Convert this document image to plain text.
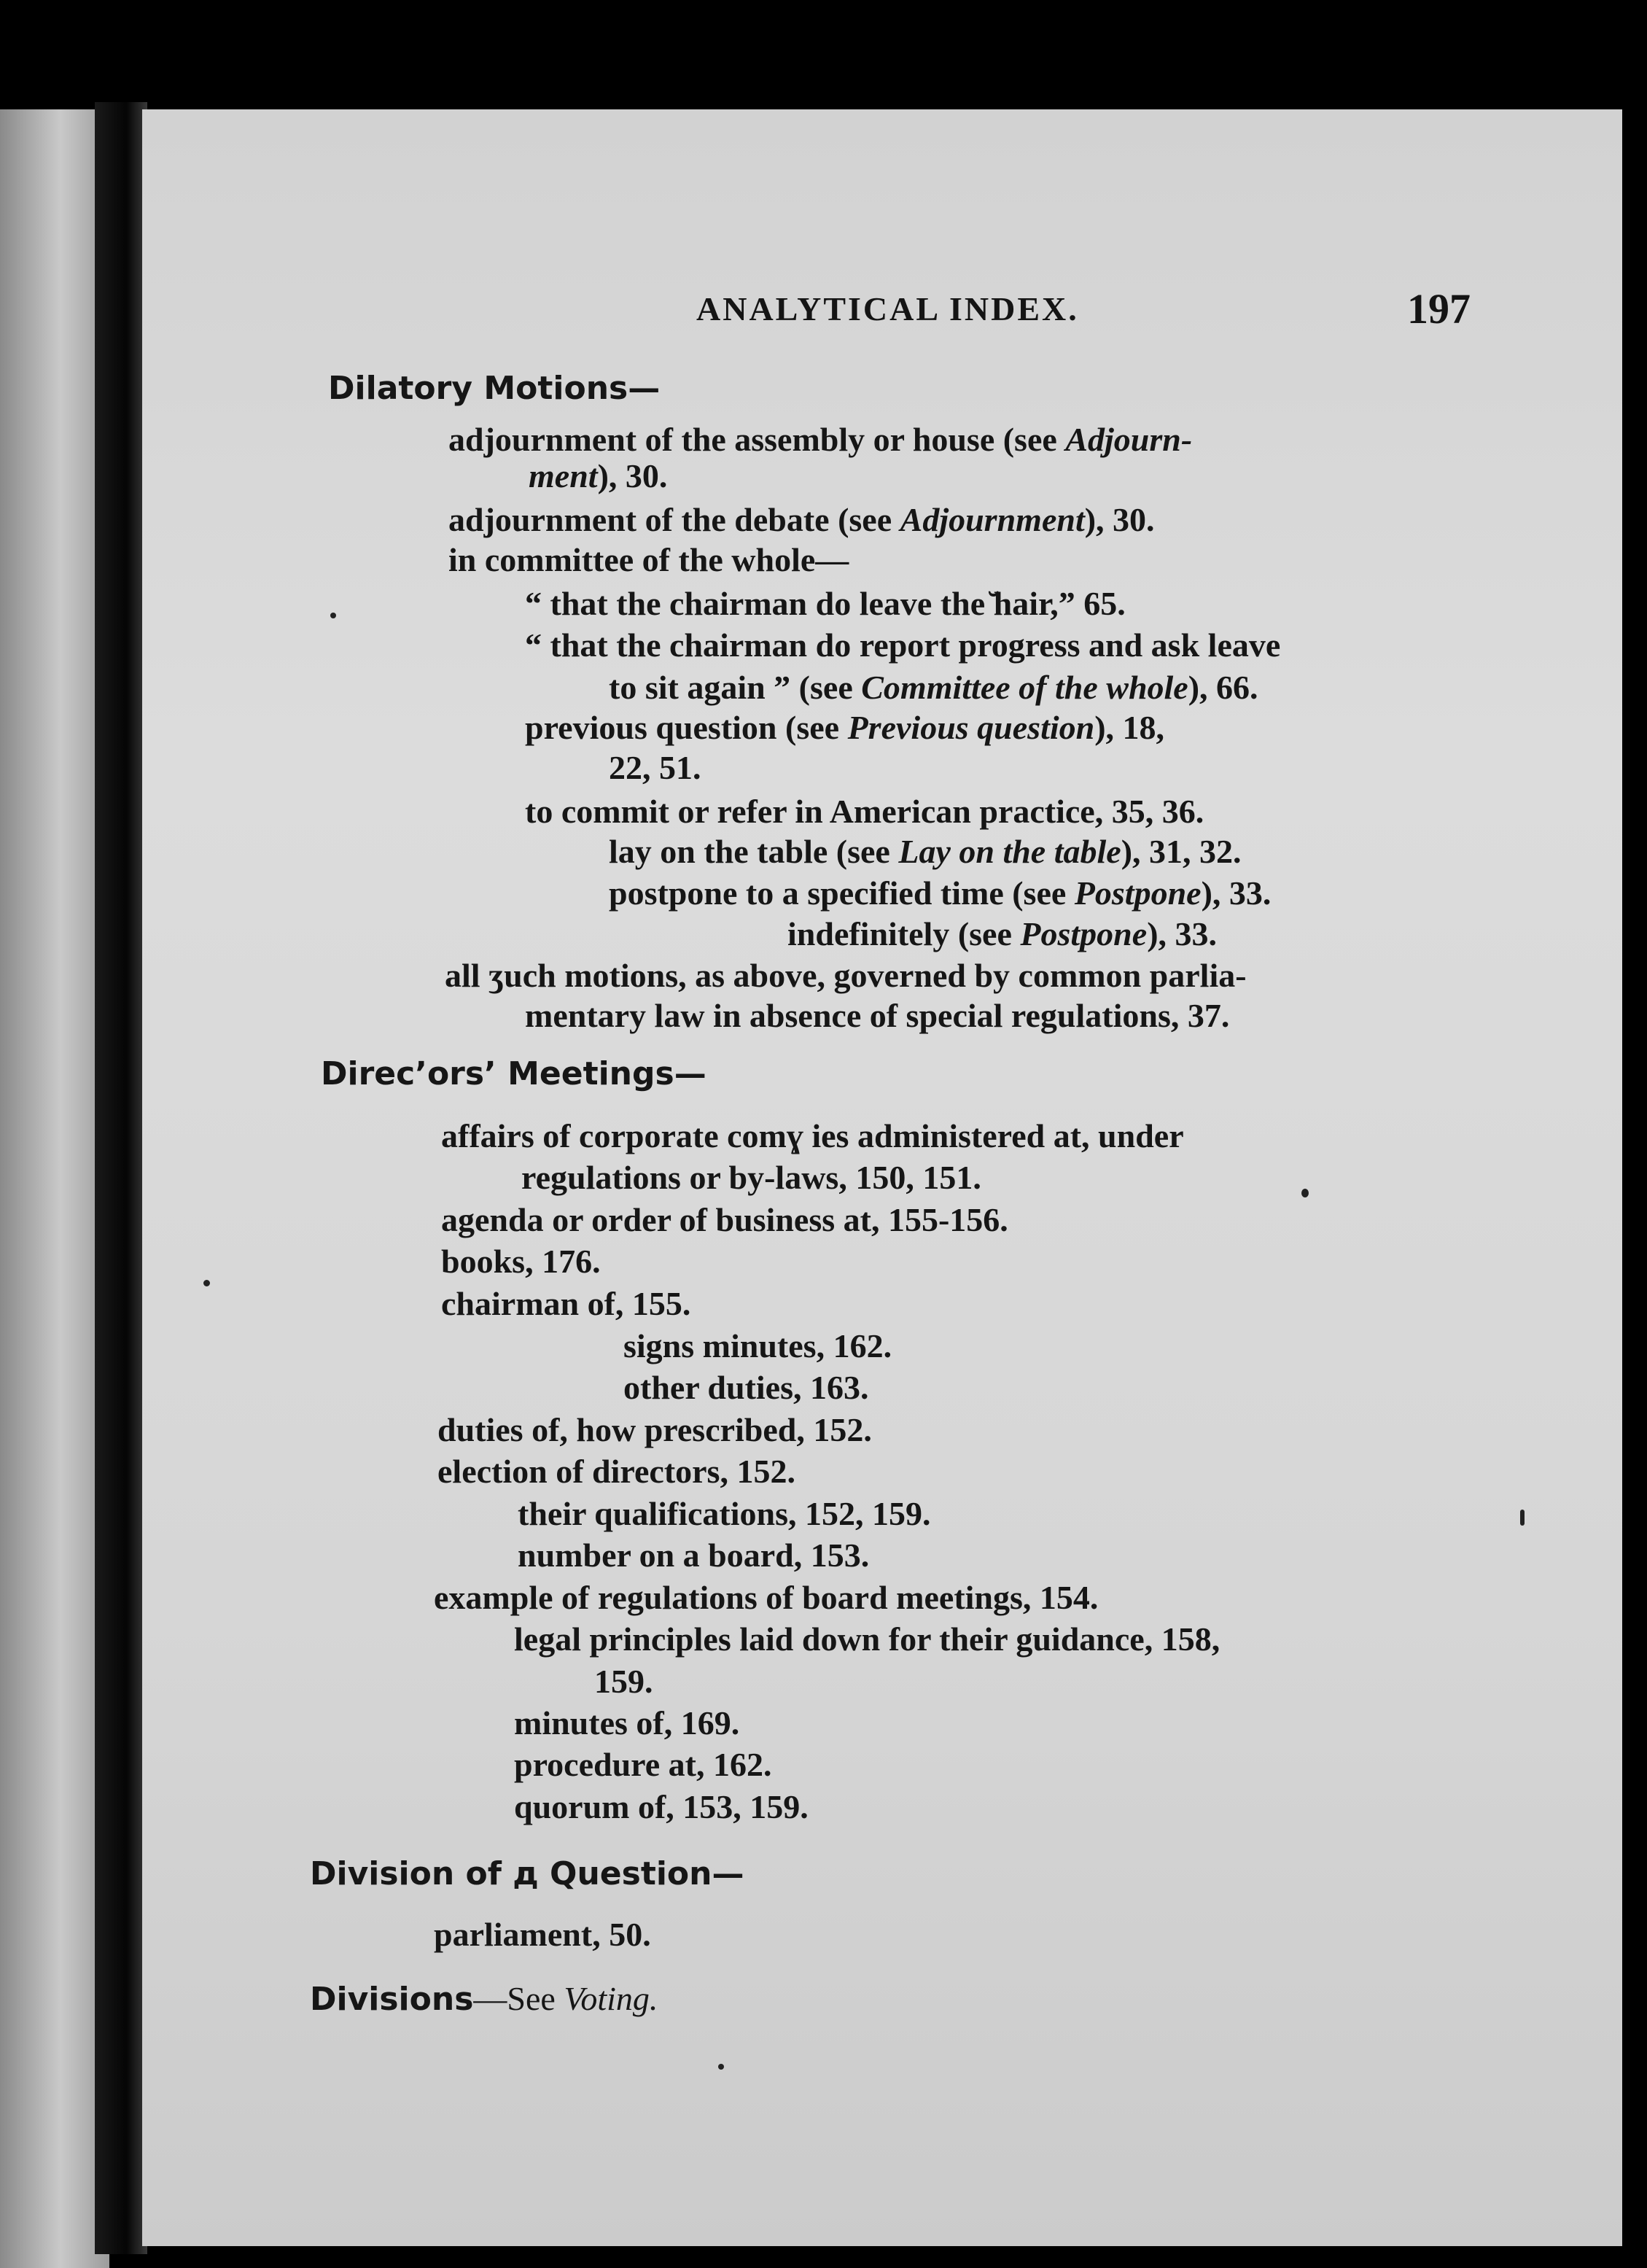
ANALYTICAL INDEX.	197
Dilatory Motions—
adjournment of the assembly or house (see Adjourn-
ment), 30.
adjournment of the debate (see Adjournment), 30.
in committee of the whole—
“ that the chairman do leave the ̆hair,” 65.
“ that the chairman do report progress and ask leave
to sit again ” (see Committee of the whole), 66.
previous question (see Previous question), 18,
22, 51.
to commit or refer in American practice, 35, 36.
lay on the table (see Lay on the table), 31, 32.
postpone to a specified time (see Postpone), 33.
indefinitely (see Postpone), 33.
all ʒuch motions, as above, governed by common parlia-
mentary law in absence of special regulations, 37.
Direcʼors’ Meetings—
affairs of corporate comɣ ies administered at, under
regulations or by-laws, 150, 151.
agenda or order of business at, 155-156.
books, 176.
chairman of, 155.
signs minutes, 162.
other duties, 163.
duties of, how prescribed, 152.
election of directors, 152.
their qualifications, 152, 159.
number on a board, 153.
example of regulations of board meetings, 154.
legal principles laid down for their guidance, 158,
159.
minutes of, 169.
procedure at, 162.
quorum of, 153, 159.
Division of д Question—
parliament, 50.
Divisions—See Voting.
